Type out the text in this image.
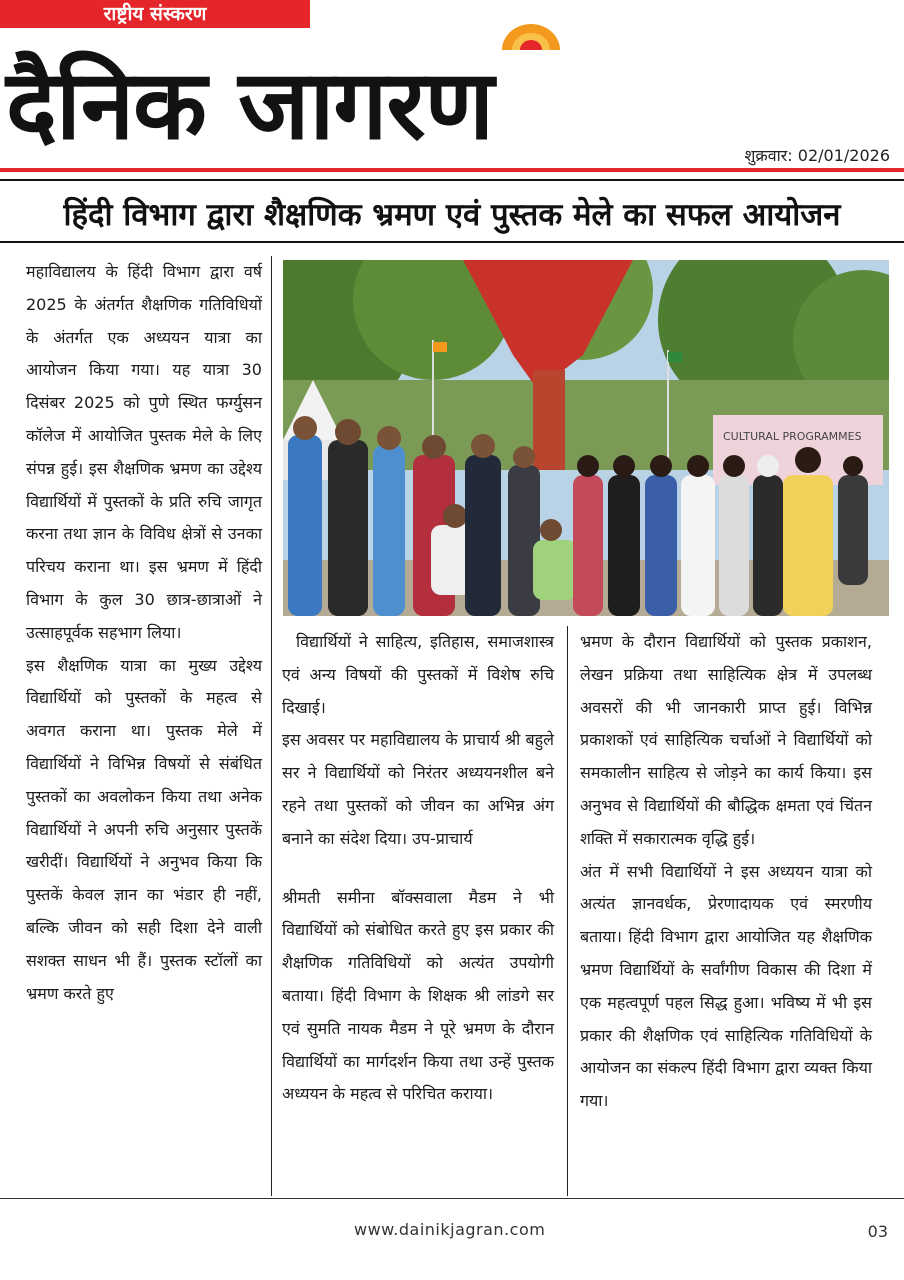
राष्ट्रीय संस्करण
दैनिक जागरण	शुक्रवार: 02/01/2026
हिंदी विभाग द्वारा शैक्षणिक भ्रमण एवं पुस्तक मेले का सफल आयोजन

महाविद्यालय के हिंदी विभाग द्वारा वर्ष 2025 के अंतर्गत शैक्षणिक गतिविधियों के अंतर्गत एक अध्ययन यात्रा का आयोजन किया गया। यह यात्रा 30 दिसंबर 2025 को पुणे स्थित फर्ग्युसन कॉलेज में आयोजित पुस्तक मेले के लिए संपन्न हुई। इस शैक्षणिक भ्रमण का उद्देश्य विद्यार्थियों में पुस्तकों के प्रति रुचि जागृत करना तथा ज्ञान के विविध क्षेत्रों से उनका परिचय कराना था। इस भ्रमण में हिंदी विभाग के कुल 30 छात्र-छात्राओं ने उत्साहपूर्वक सहभाग लिया।

इस शैक्षणिक यात्रा का मुख्य उद्देश्य विद्यार्थियों को पुस्तकों के महत्व से अवगत कराना था। पुस्तक मेले में विद्यार्थियों ने विभिन्न विषयों से संबंधित पुस्तकों का अवलोकन किया तथा अनेक विद्यार्थियों ने अपनी रुचि अनुसार पुस्तकें खरीदीं। विद्यार्थियों ने अनुभव किया कि पुस्तकें केवल ज्ञान का भंडार ही नहीं, बल्कि जीवन को सही दिशा देने वाली सशक्त साधन भी हैं। पुस्तक स्टॉलों का भ्रमण करते हुए

CULTURAL PROGRAMMES

विद्यार्थियों ने साहित्य, इतिहास, समाजशास्त्र एवं अन्य विषयों की पुस्तकों में विशेष रुचि दिखाई।

इस अवसर पर महाविद्यालय के प्राचार्य श्री बहुले सर ने विद्यार्थियों को निरंतर अध्ययनशील बने रहने तथा पुस्तकों को जीवन का अभिन्न अंग बनाने का संदेश दिया। उप-प्राचार्य

श्रीमती समीना बॉक्सवाला मैडम ने भी विद्यार्थियों को संबोधित करते हुए इस प्रकार की शैक्षणिक गतिविधियों को अत्यंत उपयोगी बताया। हिंदी विभाग के शिक्षक श्री लांडगे सर एवं सुमति नायक मैडम ने पूरे भ्रमण के दौरान विद्यार्थियों का मार्गदर्शन किया तथा उन्हें पुस्तक अध्ययन के महत्व से परिचित कराया।

भ्रमण के दौरान विद्यार्थियों को पुस्तक प्रकाशन, लेखन प्रक्रिया तथा साहित्यिक क्षेत्र में उपलब्ध अवसरों की भी जानकारी प्राप्त हुई। विभिन्न प्रकाशकों एवं साहित्यिक चर्चाओं ने विद्यार्थियों को समकालीन साहित्य से जोड़ने का कार्य किया। इस अनुभव से विद्यार्थियों की बौद्धिक क्षमता एवं चिंतन शक्ति में सकारात्मक वृद्धि हुई।

अंत में सभी विद्यार्थियों ने इस अध्ययन यात्रा को अत्यंत ज्ञानवर्धक, प्रेरणादायक एवं स्मरणीय बताया। हिंदी विभाग द्वारा आयोजित यह शैक्षणिक भ्रमण विद्यार्थियों के सर्वांगीण विकास की दिशा में एक महत्वपूर्ण पहल सिद्ध हुआ। भविष्य में भी इस प्रकार की शैक्षणिक एवं साहित्यिक गतिविधियों के आयोजन का संकल्प हिंदी विभाग द्वारा व्यक्त किया गया।

www.dainikjagran.com	03
